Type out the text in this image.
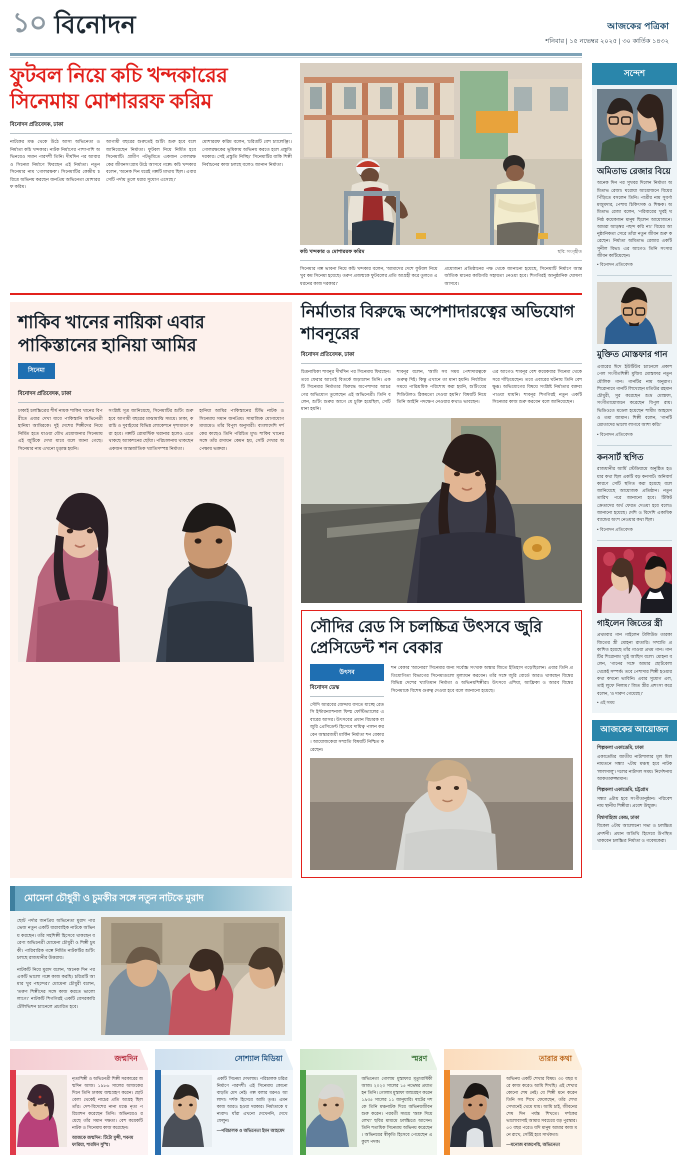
১০ বিনোদন	আজকের পত্রিকা
শনিবার | ১৫ নভেম্বর ২০২৫ | ৩০ কার্তিক ১৪৩২
ফুটবল নিয়ে কচি খন্দকারের সিনেমায় মোশাররফ করিম
বিনোদন প্রতিবেদক, ঢাকা
নাটকের মঞ্চ থেকে উঠে আসা অভিনেতা ও নির্মাতা কচি খন্দকার। নাটক নির্মাণের পাশাপাশি অভিনয়েও সমান পারদর্শী তিনি। দীর্ঘদিন পর আবারও সিনেমা নির্মাণে ফিরছেন এই নির্মাতা। নতুন সিনেমার নাম 'গোলরক্ষক'। সিনেমাটির কেন্দ্রীয় চরিত্রে অভিনয় করছেন জনপ্রিয় অভিনেতা মোশাররফ করিম।
আগামী বছরের শুরুতেই শুটিং শুরু হবে বলে জানিয়েছেন নির্মাতা। ফুটবল নিয়ে নির্মিত হবে সিনেমাটি। গ্রামীণ পটভূমিতে একজন গোলরক্ষকের জীবনসংগ্রাম উঠে আসবে গল্পে। কচি খন্দকার বলেন, 'অনেক দিন ধরেই গল্পটি মাথায় ছিল। এবার সেটি পর্দায় তুলে ধরার সুযোগ এসেছে।'
মোশাররফ করিম বলেন, 'চরিত্রটি বেশ চ্যালেঞ্জিং। গোলরক্ষকের ভূমিকায় অভিনয় করতে হলে প্রস্তুতি দরকার। সেই প্রস্তুতি নিচ্ছি।' সিনেমাটির বাকি শিল্পী নির্বাচনের কাজ চলছে বলেও জানান নির্মাতা।
কচি খন্দকার ও মোশাররফ করিম	ছবি: সংগৃহীত
সিনেমার গল্প ভাবনা নিয়ে কচি খন্দকার বলেন, 'আমাদের দেশে ফুটবল নিয়ে খুব কম সিনেমা হয়েছে। তরুণ প্রজন্মকে ফুটবলের প্রতি আগ্রহী করে তুলতে এ ধরনের কাজ দরকার।'
প্রযোজনা প্রতিষ্ঠানের পক্ষ থেকে জানানো হয়েছে, সিনেমাটি নির্মাণে আন্তর্জাতিক মানের কারিগরি সহায়তা নেওয়া হবে। শিগগিরই আনুষ্ঠানিক ঘোষণা আসবে।
শাকিব খানের নায়িকা এবার পাকিস্তানের হানিয়া আমির
সিনেমা
বিনোদন প্রতিবেদক, ঢাকা
ঢাকাই চলচ্চিত্রের শীর্ষ নায়ক শাকিব খানের বিপরীতে এবার দেখা যাবে পাকিস্তানি অভিনেত্রী হানিয়া আমিরকে। দুই দেশের শিল্পীদের নিয়ে নির্মিত হতে যাওয়া যৌথ প্রযোজনার সিনেমায় এই জুটিকে দেখা যাবে বলে জানা গেছে। সিনেমার নাম এখনো চূড়ান্ত হয়নি।
সংশ্লিষ্ট সূত্র জানিয়েছে, সিনেমাটির শুটিং শুরু হবে আগামী বছরের মাঝামাঝি সময়ে। ঢাকা, করাচি ও দুবাইয়ের বিভিন্ন লোকেশনে দৃশ্যধারণ করা হবে। গল্পটি রোমান্টিক ঘরানার হলেও এতে থাকছে অ্যাকশনের ছোঁয়া। পরিচালনায় থাকছেন একজন আন্তর্জাতিক খ্যাতিসম্পন্ন নির্মাতা।
হানিয়া আমির পাকিস্তানের টিভি নাটক ও সিনেমায় সমান জনপ্রিয়। সামাজিক যোগাযোগমাধ্যমেও তাঁর বিপুল অনুসারী। বাংলাদেশি দর্শকের কাছেও তিনি পরিচিত মুখ। শাকিব খানের সঙ্গে তাঁর রসায়ন কেমন হয়, সেটি দেখার অপেক্ষায় ভক্তরা।
নির্মাতার বিরুদ্ধে অপেশাদারত্বের অভিযোগ শাবনূরের
বিনোদন প্রতিবেদক, ঢাকা
চিত্রনায়িকা শাবনূর দীর্ঘদিন পর সিনেমায় ফিরছেন। তবে ফেরার আগেই বিতর্কে জড়ালেন তিনি। একটি সিনেমার নির্মাতার বিরুদ্ধে অপেশাদার আচরণের অভিযোগ তুলেছেন এই অভিনেত্রী। তিনি বলেন, শুটিং শুরুর আগে যে চুক্তি হয়েছিল, সেটি মানা হয়নি।
শাবনূর বলেন, 'আমি সব সময় পেশাদারত্বকে গুরুত্ব দিই। কিন্তু এখানে তা মানা হয়নি। নির্ধারিত সময়ে পারিশ্রমিক পরিশোধ করা হয়নি, শুটিংয়ের শিডিউলও ঠিকমতো দেওয়া হয়নি।' বিষয়টি নিয়ে তিনি আইনি পদক্ষেপ নেওয়ার কথাও ভাবছেন।
এর আগেও শাবনূর বেশ কয়েকবার সিনেমা থেকে সরে দাঁড়িয়েছেন। তবে এবারের ঘটনায় তিনি বেশ ক্ষুব্ধ। অভিযোগের বিষয়ে সংশ্লিষ্ট নির্মাতার বক্তব্য পাওয়া যায়নি। শাবনূর শিগগিরই নতুন একটি সিনেমার কাজ শুরু করবেন বলে জানিয়েছেন।
সৌদির রেড সি চলচ্চিত্র উৎসবে জুরি প্রেসিডেন্ট শন বেকার
উৎসব
বিনোদন ডেস্ক
সৌদি আরবের জেদ্দায় বসতে যাচ্ছে রেড সি ইন্টারন্যাশনাল ফিল্ম ফেস্টিভ্যালের এবারের আসর। উৎসবের প্রধান বিচারক বা জুরি প্রেসিডেন্ট হিসেবে দায়িত্ব পালন করবেন অস্কারজয়ী মার্কিন নির্মাতা শন বেকার। আয়োজকেরা সম্প্রতি বিষয়টি নিশ্চিত করেছেন।
শন বেকার 'আনোরা' সিনেমার জন্য সর্বোচ্চ সংখ্যক অস্কার জিতে ইতিহাস গড়েছিলেন। এবার তিনি প্রতিযোগিতা বিভাগের সিনেমাগুলো মূল্যায়ন করবেন। তাঁর সঙ্গে জুরি বোর্ডে আরও থাকছেন বিশ্বের বিভিন্ন দেশের খ্যাতিমান নির্মাতা ও অভিনয়শিল্পীরা। উৎসবে এশিয়া, আফ্রিকা ও আরব বিশ্বের সিনেমাকে বিশেষ গুরুত্ব দেওয়া হবে বলে জানানো হয়েছে।
মোমেনা চৌধুরী ও চুমকীর সঙ্গে নতুন নাটকে মুরাদ
ছোট পর্দার জনপ্রিয় অভিনেতা মুরাদ পারভেজ নতুন একটি ধারাবাহিক নাটকে অভিনয় করছেন। তাঁর সহশিল্পী হিসেবে থাকছেন বরেণ্য অভিনেত্রী মোমেনা চৌধুরী ও শিল্পী চুমকী। পারিবারিক গল্পে নির্মিত নাটকটির শুটিং চলছে রাজধানীর উত্তরায়।
নাটকটি নিয়ে মুরাদ বলেন, 'অনেক দিন পর একটি ভালো গল্পে কাজ করছি। চরিত্রটি আমার খুব পছন্দের।' মোমেনা চৌধুরী বলেন, 'তরুণ শিল্পীদের সঙ্গে কাজ করতে ভালো লাগে।' নাটকটি শিগগিরই একটি বেসরকারি টেলিভিশন চ্যানেলে প্রচারিত হবে।
জন্মদিন
নৃত্যশিল্পী ও অভিনেত্রী শিল্পী সরকারের জন্মদিন আজ। ১৯৮৬ সালের আজকের দিনে তিনি ঢাকায় জন্মগ্রহণ করেন। ছোটবেলা থেকেই নাচের প্রতি আগ্রহ ছিল তাঁর। দেশ-বিদেশের নানা মঞ্চে নৃত্য পরিবেশন করেছেন তিনি। অভিনয়েও রয়েছে তাঁর সমান দক্ষতা। বেশ কয়েকটি নাটক ও সিনেমায় কাজ করেছেন।
আজকে জন্মদিন: টিটো মুন্সী, শবনম ফারিয়া, শারমিন সুস্মি।
সোশ্যাল মিডিয়া
একটি সিনেমা দেখলাম। পরিচালক চরিত্র নির্মাণে পারদর্শী। এই সিনেমায় কোনো বাড়তি মেদ নেই। গল্প বলার ধরনও আলাদা। দর্শক হিসেবে আমি তৃপ্ত। এমন কাজ আরও হওয়া দরকার। নির্মাতাকে ধন্যবাদ। যাঁরা এখনো দেখেননি, দেখে ফেলুন।
—পরিচালক ও অভিনেতা ইমন আহমেদ
স্মরণ
অভিনেতা গোলাম মুস্তাফার মৃত্যুবার্ষিকী আজ। ২০২০ সালের ১৫ নভেম্বর প্রয়াত হন তিনি। গোলাম মুস্তাফা জন্মগ্রহণ করেন ১৯৩৫ সালের ১১ জানুয়ারি। ষাটের দশকে তিনি মঞ্চনাটক দিয়ে অভিনয়জীবন শুরু করেন। পরবর্তী সময়ে 'অশ্রু দিয়ে লেখা' ছবির মাধ্যমে চলচ্চিত্রে আসেন। তিনি শতাধিক সিনেমায় অভিনয় করেছেন। অভিনয়ের স্বীকৃতি হিসেবে পেয়েছেন একুশে পদক।
তারার কথা
অভিনয় একটি শেখার বিষয়। ৩০ বছর ধরে কাজ করেও আমি শিখছি। এই শেখার কোনো শেষ নেই। যে শিল্পী মনে করেন তিনি সব শিখে ফেলেছেন, তাঁর শেখা সেখানেই থেমে যায়। আমি চাই, জীবনের শেষ দিন পর্যন্ত শিখতে। দর্শকের ভালোবাসাই আমার সবচেয়ে বড় পুরস্কার। ৫০ বছর পরেও যদি মানুষ আমার কাজ মনে রাখে, সেটিই হবে সার্থকতা।
—মনোজ বাজপেয়ি, অভিনেতা
সন্দেশ
অমিতাভ রেজার বিয়ে
অনেক দিন পর সুখবর দিলেন নির্মাতা অমিতাভ রেজা। ঘরোয়া আয়োজনে বিয়ের পিঁড়িতে বসলেন তিনি। পাত্রীর নাম সুবর্ণা মজুমদার, পেশায় চিকিৎসক ও শিক্ষক। অমিতাভ রেজা বলেন, 'পরিবারের খুবই ঘনিষ্ঠ কয়েকজন মানুষ ছিলেন আয়োজনে। আমরা আড়ম্বর পছন্দ করি না।' বিয়ের আনুষ্ঠানিকতা সেরে তাঁরা নতুন জীবন শুরু করেছেন। নির্মাতা অমিতাভ রেজার একটি সুনীল বিভা। এর আগেও তিনি সংসার জীবন কাটিয়েছেন।
• বিনোদন প্রতিবেদক
মুক্তিত মোস্তফার গান
এবারের ঈদে ইউটিউব চ্যানেলে প্রকাশ পেল সংগীতশিল্পী মুজিব মোস্তফার নতুন মৌলিক গান। গানটির নাম অনুরাগ। শিরোনামে গানটি লিখেছেন মতিউর রহমান চৌধুরী, সুর করেছেন শুভ্র মোস্তফা, সংগীতায়োজনে করেছেন বিপুল রায়। ভিডিওতে মডেল হয়েছেন শামীম আহমেদ ও তমা জামান। শিল্পী বলেন, 'গানটি শ্রোতাদের ভালো লাগবে আশা করি।'
• বিনোদন প্রতিবেদক
কনসার্ট স্থগিত
রাজধানীর আর্মি স্টেডিয়ামে অনুষ্ঠিত হওয়ার কথা ছিল একটি বড় কনসার্ট। অনিবার্য কারণে সেটি স্থগিত করা হয়েছে বলে জানিয়েছে আয়োজক প্রতিষ্ঠান। নতুন তারিখ পরে জানানো হবে। টিকিট ক্রেতাদের অর্থ ফেরত দেওয়া হবে বলেও জানানো হয়েছে। দেশি ও বিদেশি একাধিক ব্যান্ডের অংশ নেওয়ার কথা ছিল।
• বিনোদন প্রতিবেদক
গাইলেন জিতের স্ত্রী
প্রথমবার গান গাইলেন টালিউড তারকা জিতের স্ত্রী মোহনা রাতারি। সম্প্রতি প্রকাশিত হয়েছে তাঁর গাওয়া প্রথম গান। গানটির শিরোনাম 'তুই আছিস বলে'। মোহনা বলেন, 'গানের সঙ্গে আমার ছোটবেলা থেকেই সম্পর্ক। তবে পেশাদার শিল্পী হওয়ার কথা কখনো ভাবিনি। এবার সুযোগ এল, তাই লুফে নিলাম।' জিত স্ত্রীর প্রশংসা করে বলেন, 'ও দারুণ গেয়েছে।'
• এই সময়
আজকের আয়োজন
শিল্পকলা একাডেমি, ঢাকা
একাডেমির জাতীয় নাট্যশালার মূল মিলনায়তনে সন্ধ্যা ৭টায় মঞ্চস্থ হবে নাটক 'লালসালু'। দলের নাট্যদল সময়। নির্দেশনায় আকতারুজ্জামান।
শিল্পকলা একাডেমি, চট্টগ্রাম
সন্ধ্যা ৬টায় হবে সংগীতানুষ্ঠান। পরিবেশনায় স্থানীয় শিল্পীরা। প্রবেশ উন্মুক্ত।
বিশ্বসাহিত্য কেন্দ্র, ঢাকা
বিকেল ৫টায় আলোচনা সভা ও চলচ্চিত্র প্রদর্শনী। প্রধান অতিথি হিসেবে উপস্থিত থাকবেন চলচ্চিত্র নির্মাতা ও গবেষকেরা।
